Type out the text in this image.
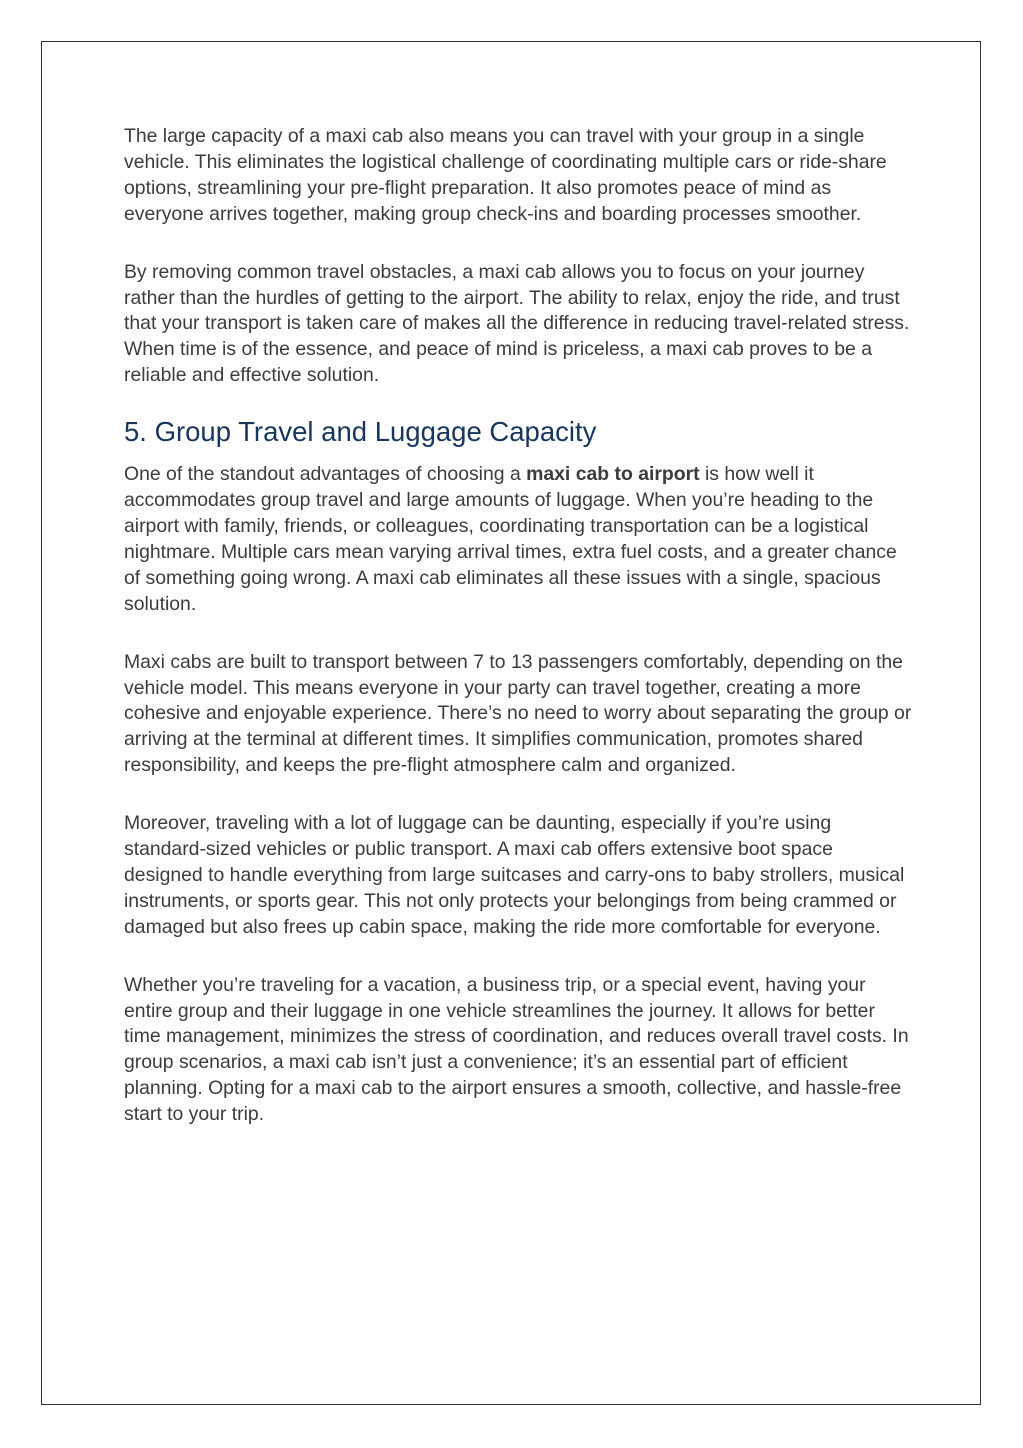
The large capacity of a maxi cab also means you can travel with your group in a single vehicle. This eliminates the logistical challenge of coordinating multiple cars or ride-share options, streamlining your pre-flight preparation. It also promotes peace of mind as everyone arrives together, making group check-ins and boarding processes smoother.

By removing common travel obstacles, a maxi cab allows you to focus on your journey rather than the hurdles of getting to the airport. The ability to relax, enjoy the ride, and trust that your transport is taken care of makes all the difference in reducing travel-related stress. When time is of the essence, and peace of mind is priceless, a maxi cab proves to be a reliable and effective solution.

5. Group Travel and Luggage Capacity

One of the standout advantages of choosing a maxi cab to airport is how well it accommodates group travel and large amounts of luggage. When you’re heading to the airport with family, friends, or colleagues, coordinating transportation can be a logistical nightmare. Multiple cars mean varying arrival times, extra fuel costs, and a greater chance of something going wrong. A maxi cab eliminates all these issues with a single, spacious solution.

Maxi cabs are built to transport between 7 to 13 passengers comfortably, depending on the vehicle model. This means everyone in your party can travel together, creating a more cohesive and enjoyable experience. There’s no need to worry about separating the group or arriving at the terminal at different times. It simplifies communication, promotes shared responsibility, and keeps the pre-flight atmosphere calm and organized.

Moreover, traveling with a lot of luggage can be daunting, especially if you’re using standard-sized vehicles or public transport. A maxi cab offers extensive boot space designed to handle everything from large suitcases and carry-ons to baby strollers, musical instruments, or sports gear. This not only protects your belongings from being crammed or damaged but also frees up cabin space, making the ride more comfortable for everyone.

Whether you’re traveling for a vacation, a business trip, or a special event, having your entire group and their luggage in one vehicle streamlines the journey. It allows for better time management, minimizes the stress of coordination, and reduces overall travel costs. In group scenarios, a maxi cab isn’t just a convenience; it’s an essential part of efficient planning. Opting for a maxi cab to the airport ensures a smooth, collective, and hassle-free start to your trip.
